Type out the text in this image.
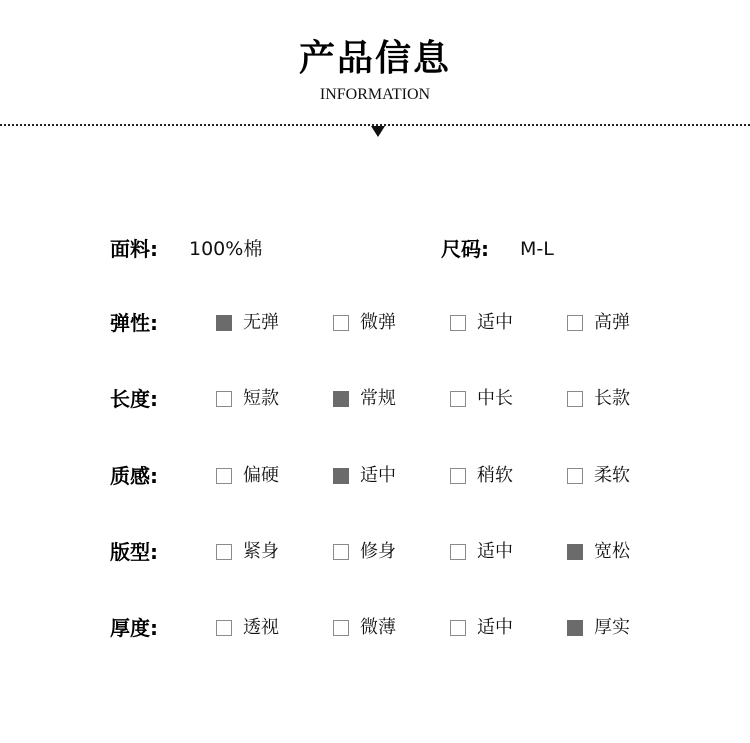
产品信息
INFORMATION
面料: 100%棉	尺码: M-L
弹性:	无弹	微弹	适中	高弹
长度:	短款	常规	中长	长款
质感:	偏硬	适中	稍软	柔软
版型:	紧身	修身	适中	宽松
厚度:	透视	微薄	适中	厚实
